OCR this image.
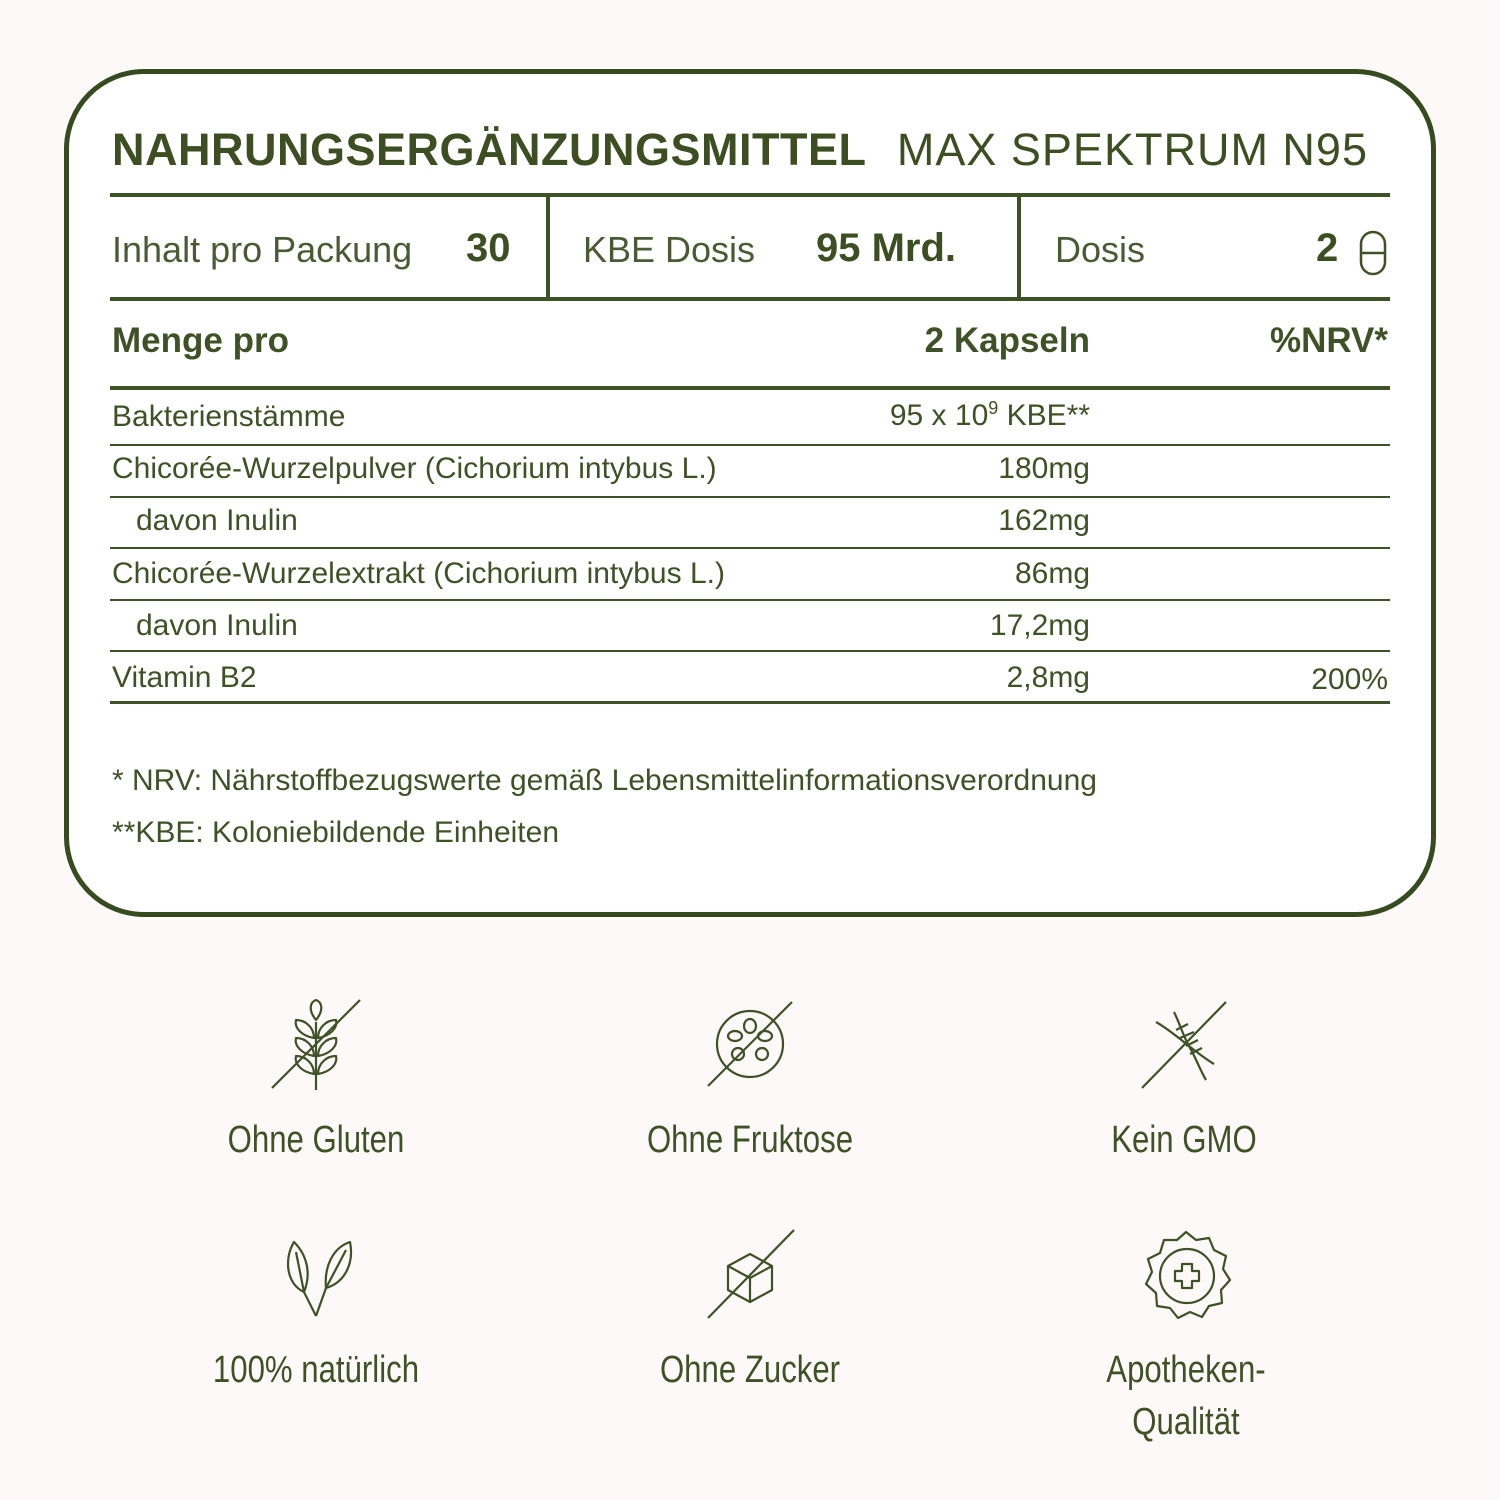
NAHRUNGSERGÄNZUNGSMITTEL MAX SPEKTRUM N95
Inhalt pro Packung 30 KBE Dosis 95 Mrd.	Dosis	2
Menge pro	2 Kapseln	%NRV*
Bakterienstämme	95 x $10^9$ KBE**
Chicorée-Wurzelpulver (Cichorium intybus L.)	180mg
davon Inulin	162mg
Chicorée-Wurzelextrakt (Cichorium intybus L.)	86mg
davon Inulin	17,2mg
Vitamin B2	2,8mg	200%
* NRV: Nährstoffbezugswerte gemäß Lebensmittelinformationsverordnung
**KBE: Koloniebildende Einheiten
Ohne Gluten	Ohne Fruktose	Kein GMO
100% natürlich	Ohne Zucker	Apotheken-
Qualität
